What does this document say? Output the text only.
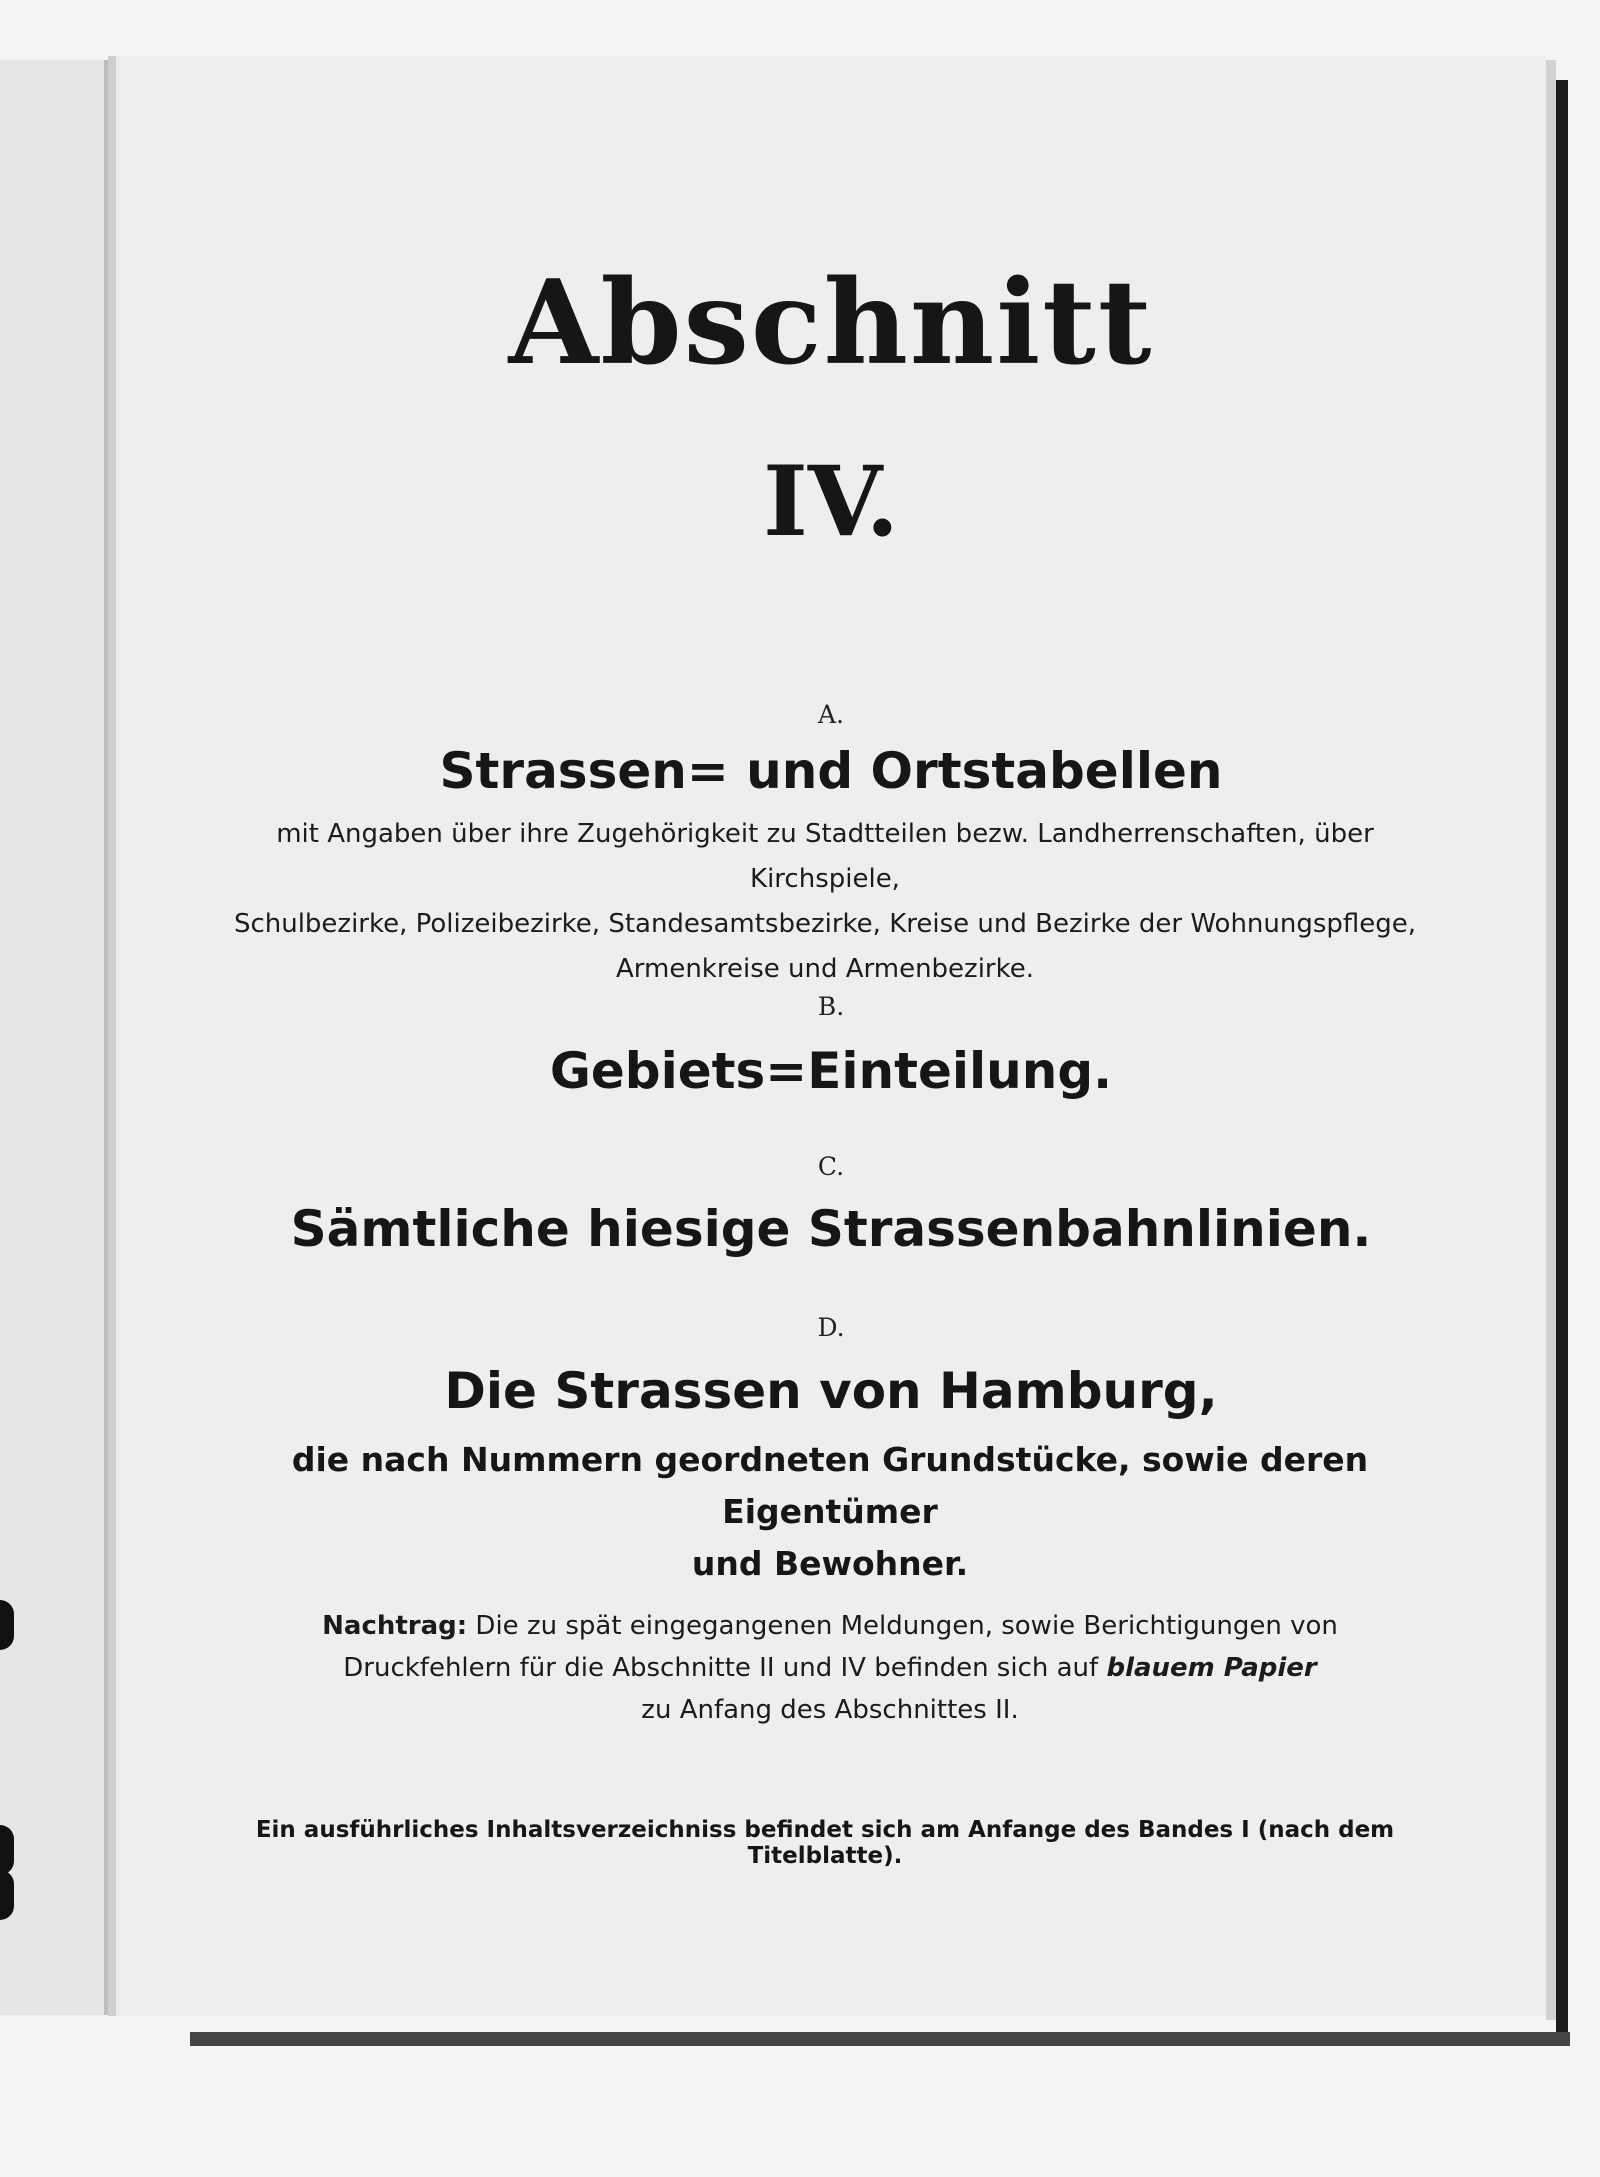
Abschnitt
IV.
A.
Strassen= und Ortstabellen
mit Angaben über ihre Zugehörigkeit zu Stadtteilen bezw. Landherrenschaften, über Kirchspiele,
Schulbezirke, Polizeibezirke, Standesamtsbezirke, Kreise und Bezirke der Wohnungspflege,
Armenkreise und Armenbezirke.
B.
Gebiets=Einteilung.
C.
Sämtliche hiesige Strassenbahnlinien.
D.
Die Strassen von Hamburg,
die nach Nummern geordneten Grundstücke, sowie deren Eigentümer
und Bewohner.
Nachtrag: Die zu spät eingegangenen Meldungen, sowie Berichtigungen von
Druckfehlern für die Abschnitte II und IV befinden sich auf blauem Papier
zu Anfang des Abschnittes II.
Ein ausführliches Inhaltsverzeichniss befindet sich am Anfange des Bandes I (nach dem Titelblatte).
